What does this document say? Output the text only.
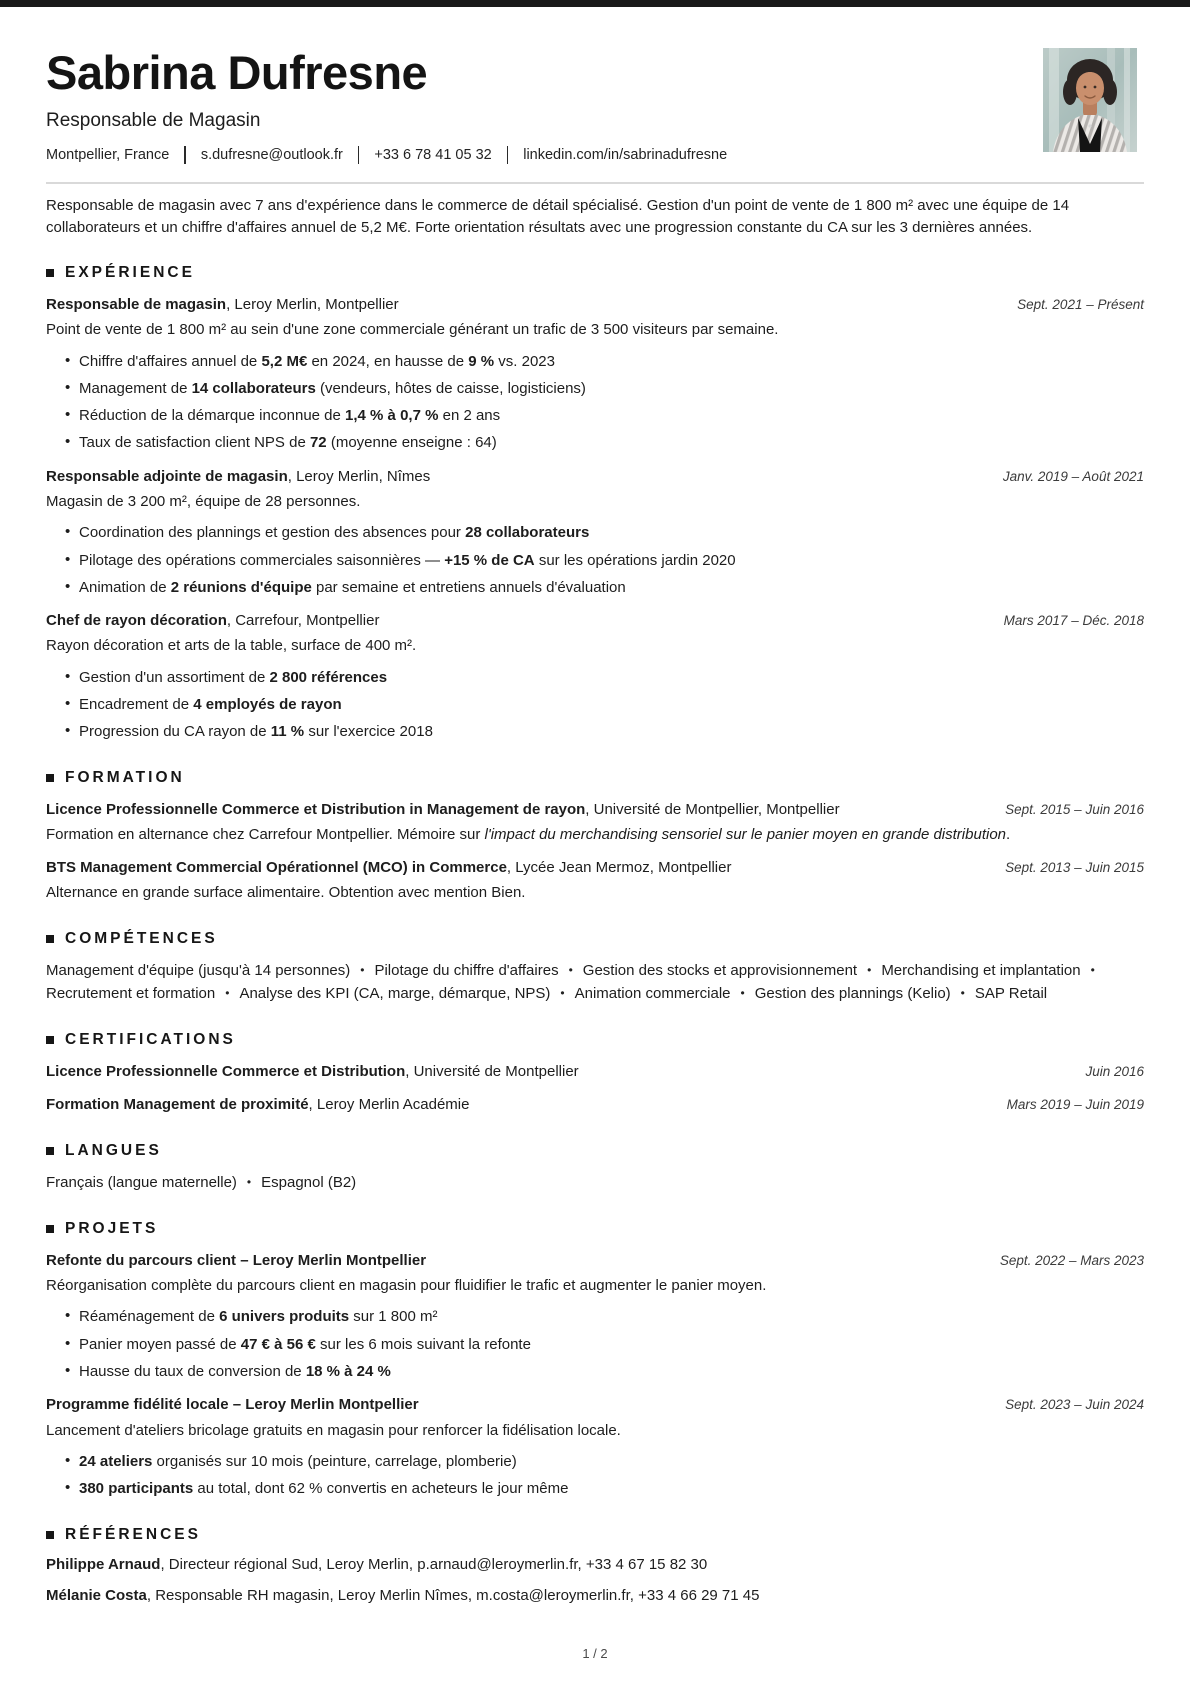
Sabrina Dufresne
Responsable de Magasin
Montpellier, France s.dufresne@outlook.fr +33 6 78 41 05 32 linkedin.com/in/sabrinadufresne

Responsable de magasin avec 7 ans d'expérience dans le commerce de détail spécialisé. Gestion d'un point de vente de 1 800 m² avec une équipe de 14 collaborateurs et un chiffre d'affaires annuel de 5,2 M€. Forte orientation résultats avec une progression constante du CA sur les 3 dernières années.

EXPÉRIENCE
Responsable de magasin, Leroy Merlin, Montpellier	Sept. 2021 – Présent

Point de vente de 1 800 m² au sein d'une zone commerciale générant un trafic de 3 500 visiteurs par semaine.

• Chiffre d'affaires annuel de 5,2 M€ en 2024, en hausse de 9 % vs. 2023
• Management de 14 collaborateurs (vendeurs, hôtes de caisse, logisticiens)
• Réduction de la démarque inconnue de 1,4 % à 0,7 % en 2 ans
• Taux de satisfaction client NPS de 72 (moyenne enseigne : 64)
Responsable adjointe de magasin, Leroy Merlin, Nîmes	Janv. 2019 – Août 2021

Magasin de 3 200 m², équipe de 28 personnes.

• Coordination des plannings et gestion des absences pour 28 collaborateurs
• Pilotage des opérations commerciales saisonnières — +15 % de CA sur les opérations jardin 2020
• Animation de 2 réunions d'équipe par semaine et entretiens annuels d'évaluation
Chef de rayon décoration, Carrefour, Montpellier	Mars 2017 – Déc. 2018

Rayon décoration et arts de la table, surface de 400 m².

• Gestion d'un assortiment de 2 800 références
• Encadrement de 4 employés de rayon
• Progression du CA rayon de 11 % sur l'exercice 2018
FORMATION
Licence Professionnelle Commerce et Distribution in Management de rayon, Université de Montpellier, Montpellier	Sept. 2015 – Juin 2016

Formation en alternance chez Carrefour Montpellier. Mémoire sur l'impact du merchandising sensoriel sur le panier moyen en grande distribution.

BTS Management Commercial Opérationnel (MCO) in Commerce, Lycée Jean Mermoz, Montpellier	Sept. 2013 – Juin 2015

Alternance en grande surface alimentaire. Obtention avec mention Bien.

COMPÉTENCES

Management d'équipe (jusqu'à 14 personnes) • Pilotage du chiffre d'affaires • Gestion des stocks et approvisionnement • Merchandising et implantation •Recrutement et formation • Analyse des KPI (CA, marge, démarque, NPS) • Animation commerciale • Gestion des plannings (Kelio) • SAP Retail

CERTIFICATIONS
Licence Professionnelle Commerce et Distribution, Université de Montpellier	Juin 2016
Formation Management de proximité, Leroy Merlin Académie	Mars 2019 – Juin 2019
LANGUES

Français (langue maternelle) • Espagnol (B2)

PROJETS
Refonte du parcours client – Leroy Merlin Montpellier	Sept. 2022 – Mars 2023

Réorganisation complète du parcours client en magasin pour fluidifier le trafic et augmenter le panier moyen.

• Réaménagement de 6 univers produits sur 1 800 m²
• Panier moyen passé de 47 € à 56 € sur les 6 mois suivant la refonte
• Hausse du taux de conversion de 18 % à 24 %
Programme fidélité locale – Leroy Merlin Montpellier	Sept. 2023 – Juin 2024

Lancement d'ateliers bricolage gratuits en magasin pour renforcer la fidélisation locale.

• 24 ateliers organisés sur 10 mois (peinture, carrelage, plomberie)
• 380 participants au total, dont 62 % convertis en acheteurs le jour même
RÉFÉRENCES

Philippe Arnaud, Directeur régional Sud, Leroy Merlin, p.arnaud@leroymerlin.fr, +33 4 67 15 82 30

Mélanie Costa, Responsable RH magasin, Leroy Merlin Nîmes, m.costa@leroymerlin.fr, +33 4 66 29 71 45

1 / 2
